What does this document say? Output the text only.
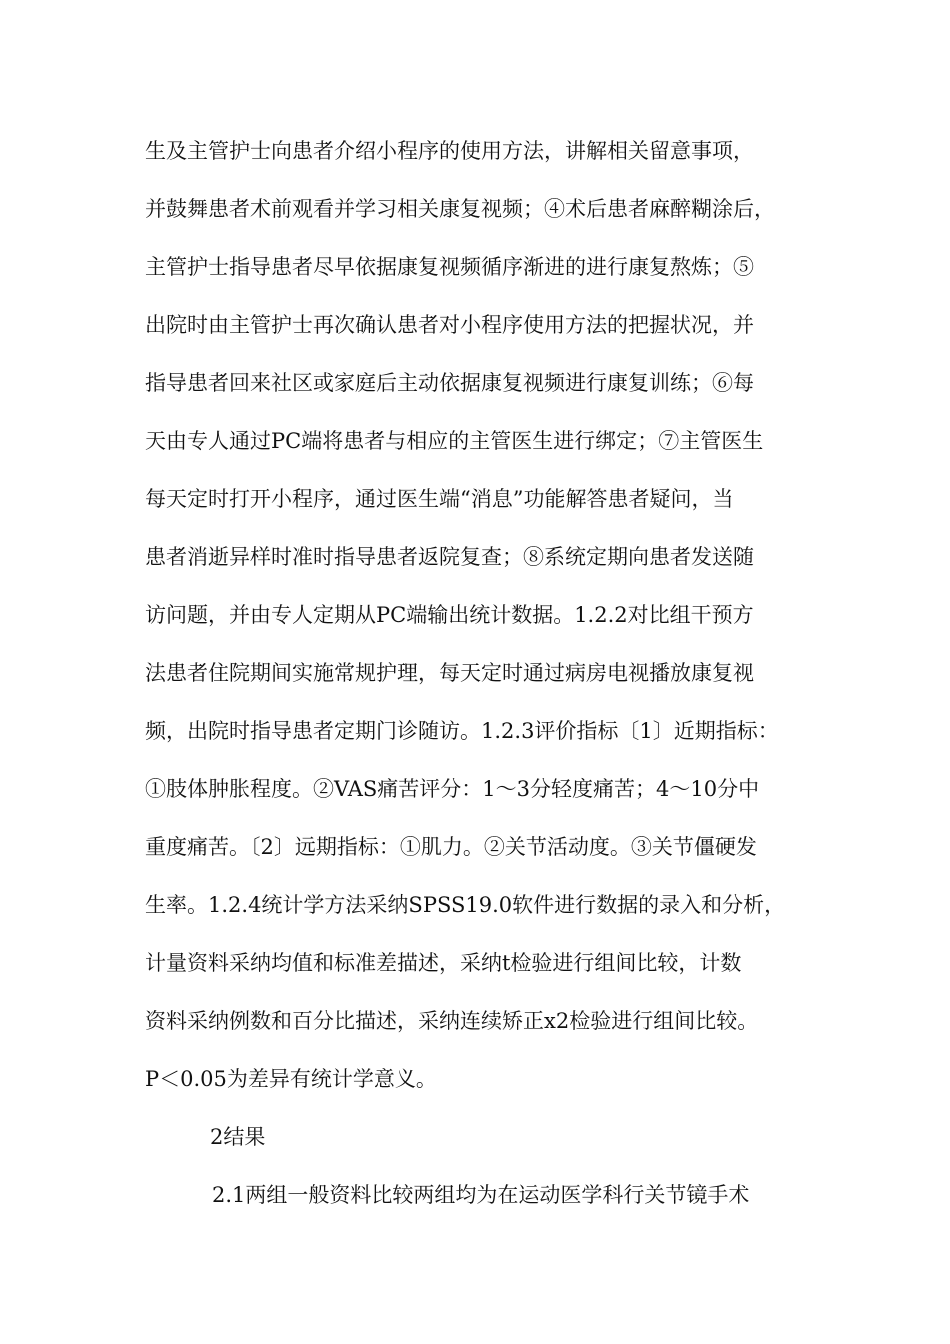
生及主管护士向患者介绍小程序的使用方法，讲解相关留意事项，
并鼓舞患者术前观看并学习相关康复视频；④术后患者麻醉糊涂后，
主管护士指导患者尽早依据康复视频循序渐进的进行康复熬炼；⑤
出院时由主管护士再次确认患者对小程序使用方法的把握状况，并
指导患者回来社区或家庭后主动依据康复视频进行康复训练；⑥每
天由专人通过PC端将患者与相应的主管医生进行绑定；⑦主管医生
每天定时打开小程序，通过医生端“消息”功能解答患者疑问，当
患者消逝异样时准时指导患者返院复查；⑧系统定期向患者发送随
访问题，并由专人定期从PC端输出统计数据。1.2.2对比组干预方
法患者住院期间实施常规护理，每天定时通过病房电视播放康复视
频，出院时指导患者定期门诊随访。1.2.3评价指标〔1〕近期指标：
①肢体肿胀程度。②VAS痛苦评分：1～3分轻度痛苦；4～10分中
重度痛苦。〔2〕远期指标：①肌力。②关节活动度。③关节僵硬发
生率。1.2.4统计学方法采纳SPSS19.0软件进行数据的录入和分析，
计量资料采纳均值和标准差描述，采纳t检验进行组间比较，计数
资料采纳例数和百分比描述，采纳连续矫正x2检验进行组间比较。
P＜0.05为差异有统计学意义。
2结果
2.1两组一般资料比较两组均为在运动医学科行关节镜手术
